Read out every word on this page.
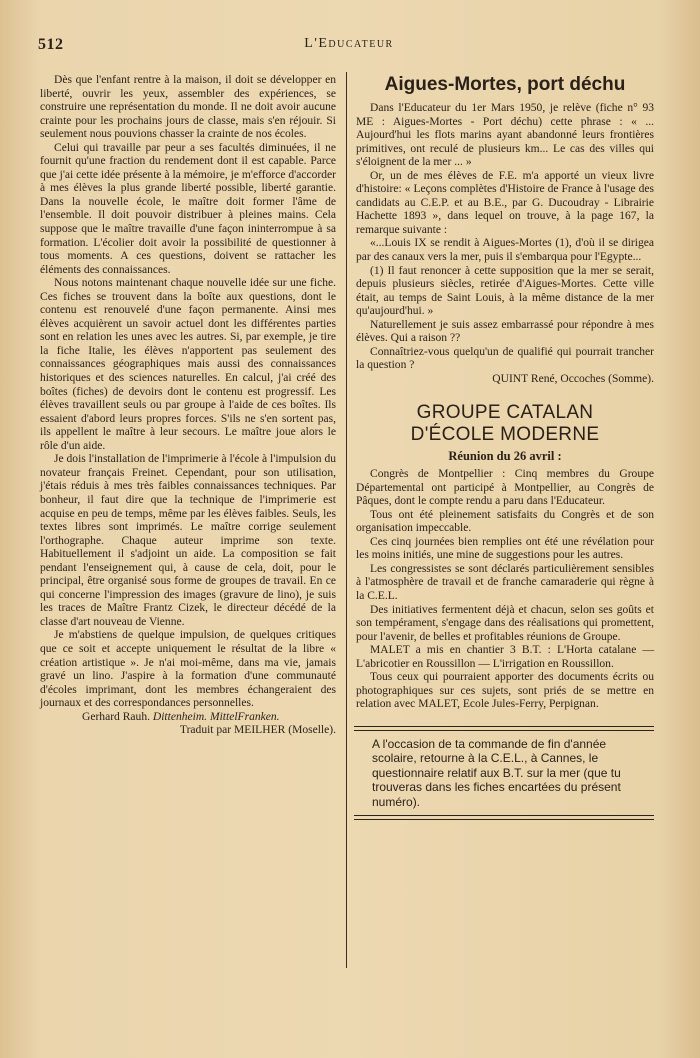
512	L'Educateur

Dès que l'enfant rentre à la maison, il doit se développer en liberté, ouvrir les yeux, assembler des expériences, se construire une représentation du monde. Il ne doit avoir aucune crainte pour les prochains jours de classe, mais s'en réjouir. Si seulement nous pouvions chasser la crainte de nos écoles.

Celui qui travaille par peur a ses facultés diminuées, il ne fournit qu'une fraction du rendement dont il est capable. Parce que j'ai cette idée présente à la mémoire, je m'efforce d'accorder à mes élèves la plus grande liberté possible, liberté garantie. Dans la nouvelle école, le maître doit former l'âme de l'ensemble. Il doit pouvoir distribuer à pleines mains. Cela suppose que le maître travaille d'une façon ininterrompue à sa formation. L'écolier doit avoir la possibilité de questionner à tous moments. A ces questions, doivent se rattacher les éléments des connaissances.

Nous notons maintenant chaque nouvelle idée sur une fiche. Ces fiches se trouvent dans la boîte aux questions, dont le contenu est renouvelé d'une façon permanente. Ainsi mes élèves acquièrent un savoir actuel dont les différentes parties sont en relation les unes avec les autres. Si, par exemple, je tire la fiche Italie, les élèves n'apportent pas seulement des connaissances géographiques mais aussi des connaissances historiques et des sciences naturelles. En calcul, j'ai créé des boîtes (fiches) de devoirs dont le contenu est progressif. Les élèves travaillent seuls ou par groupe à l'aide de ces boîtes. Ils essaient d'abord leurs propres forces. S'ils ne s'en sortent pas, ils appellent le maître à leur secours. Le maître joue alors le rôle d'un aide.

Je dois l'installation de l'imprimerie à l'école à l'impulsion du novateur français Freinet. Cependant, pour son utilisation, j'étais réduis à mes très faibles connaissances techniques. Par bonheur, il faut dire que la technique de l'imprimerie est acquise en peu de temps, même par les élèves faibles. Seuls, les textes libres sont imprimés. Le maître corrige seulement l'orthographe. Chaque auteur imprime son texte. Habituellement il s'adjoint un aide. La composition se fait pendant l'enseignement qui, à cause de cela, doit, pour le principal, être organisé sous forme de groupes de travail. En ce qui concerne l'impression des images (gravure de lino), je suis les traces de Maître Frantz Cizek, le directeur décédé de la classe d'art nouveau de Vienne.

Je m'abstiens de quelque impulsion, de quelques critiques que ce soit et accepte uniquement le résultat de la libre « création artistique ». Je n'ai moi-même, dans ma vie, jamais gravé un lino. J'aspire à la formation d'une communauté d'écoles imprimant, dont les membres échangeraient des journaux et des correspondances personnelles.

Gerhard Rauh. Dittenheim. MittelFranken.

Traduit par MEILHER (Moselle).

Aigues-Mortes, port déchu

Dans l'Educateur du 1er Mars 1950, je relève (fiche n° 93 ME : Aigues-Mortes - Port déchu) cette phrase : « ... Aujourd'hui les flots marins ayant abandonné leurs frontières primitives, ont reculé de plusieurs km... Le cas des villes qui s'éloignent de la mer ... »

Or, un de mes élèves de F.E. m'a apporté un vieux livre d'histoire: « Leçons complètes d'Histoire de France à l'usage des candidats au C.E.P. et au B.E., par G. Ducoudray - Librairie Hachette 1893 », dans lequel on trouve, à la page 167, la remarque suivante :

«...Louis IX se rendit à Aigues-Mortes (1), d'où il se dirigea par des canaux vers la mer, puis il s'embarqua pour l'Egypte...

(1) Il faut renoncer à cette supposition que la mer se serait, depuis plusieurs siècles, retirée d'Aigues-Mortes. Cette ville était, au temps de Saint Louis, à la même distance de la mer qu'aujourd'hui. »

Naturellement je suis assez embarrassé pour répondre à mes élèves. Qui a raison ??

Connaîtriez-vous quelqu'un de qualifié qui pourrait trancher la question ?

QUINT René, Occoches (Somme).

GROUPE CATALAN
D'ÉCOLE MODERNE
Réunion du 26 avril :

Congrès de Montpellier : Cinq membres du Groupe Départemental ont participé à Montpellier, au Congrès de Pâques, dont le compte rendu a paru dans l'Educateur.

Tous ont été pleinement satisfaits du Congrès et de son organisation impeccable.

Ces cinq journées bien remplies ont été une révélation pour les moins initiés, une mine de suggestions pour les autres.

Les congressistes se sont déclarés particulièrement sensibles à l'atmosphère de travail et de franche camaraderie qui règne à la C.E.L.

Des initiatives fermentent déjà et chacun, selon ses goûts et son tempérament, s'engage dans des réalisations qui promettent, pour l'avenir, de belles et profitables réunions de Groupe.

MALET a mis en chantier 3 B.T. : L'Horta catalane — L'abricotier en Roussillon — L'irrigation en Roussillon.

Tous ceux qui pourraient apporter des documents écrits ou photographiques sur ces sujets, sont priés de se mettre en relation avec MALET, Ecole Jules-Ferry, Perpignan.

A l'occasion de ta commande de fin d'année scolaire, retourne à la C.E.L., à Cannes, le questionnaire relatif aux B.T. sur la mer (que tu trouveras dans les fiches encartées du présent numéro).
